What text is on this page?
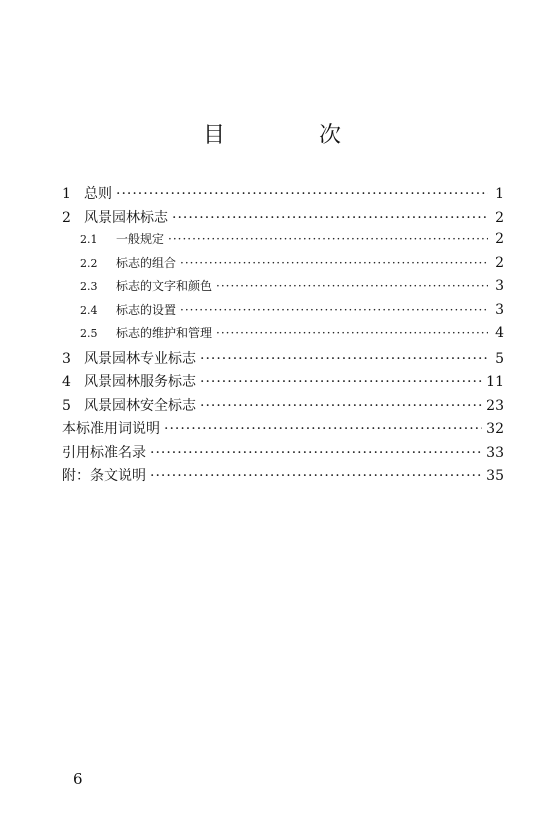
目　次
1 总则 ·····	1
2 风景园林标志 ·····	2
2.1	一般规定 ·····	2
2.2	标志的组合 ·····	2
2.3	标志的文字和颜色 ·····	3
2.4	标志的设置 ·····	3
2.5	标志的维护和管理 ·····	4
3 风景园林专业标志 ·····	5
4 风景园林服务标志 ·····	11
5 风景园林安全标志 ·····	23
本标准用词说明 ·····	32
引用标准名录 ·····	33
附：条文说明 ·····	35
6
